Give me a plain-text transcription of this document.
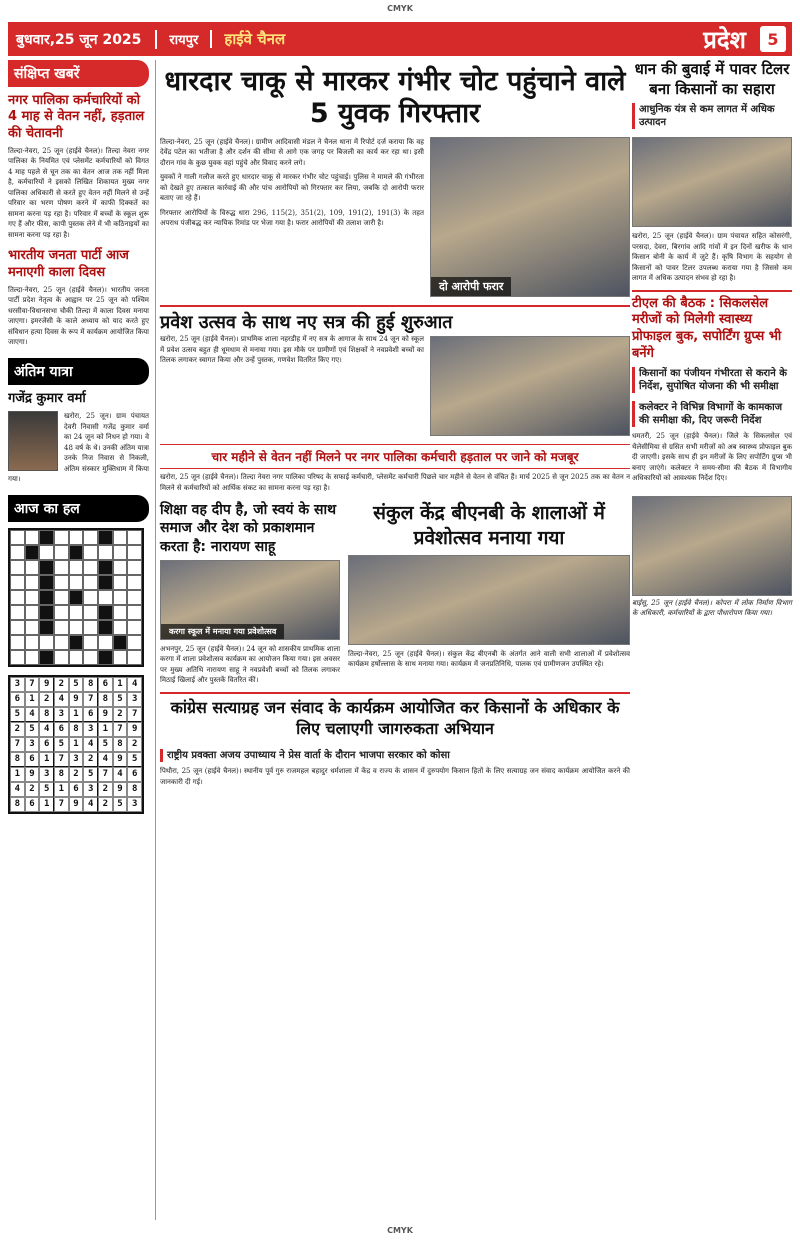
CMYK
बुधवार,25 जून 2025	रायपुर	हाईवे चैनल	प्रदेश	5
संक्षिप्त खबरें
नगर पालिका कर्मचारियों को 4 माह से वेतन नहीं, हड़ताल की चेतावनी

तिल्दा-नेवरा, 25 जून (हाईवे चैनल)। तिल्दा नेवरा नगर पालिका के नियमित एवं प्लेसमेंट कर्मचारियों को विगत 4 माह पहले से चून तक का वेतन आज तक नहीं मिला है, कर्मचारियों ने इसको लिखित शिकायत मुख्य नगर पालिका अधिकारी से करते हुए वेतन नहीं मिलने से उन्हें परिवार का भरण पोषण करने में काफी दिक्कतें का सामना करना पड़ रहा है। परिवार में बच्चों के स्कूल शुरू गए हैं और फीस, कापी पुस्तक लेने में भी कठिनाइयों का सामना करना पड़ रहा है।

भारतीय जनता पार्टी आज मनाएगी काला दिवस

तिल्दा-नेवरा, 25 जून (हाईवे चैनल)। भारतीय जनता पार्टी प्रदेश नेतृत्व के आह्वान पर 25 जून को पश्चिम धरसीवा-विधानसभा चौकी तिल्दा में काला दिवस मनाया जाएगा। इमरजेंसी के काले अध्याय को याद करते हुए संविधान हत्या दिवस के रूप में कार्यक्रम आयोजित किया जाएगा।

अंतिम यात्रा
गजेंद्र कुमार वर्मा

खरोरा, 25 जून। ग्राम पंचायत देवरी निवासी गजेंद्र कुमार वर्मा का 24 जून को निधन हो गया। वे 48 वर्ष के थे। उनकी अंतिम यात्रा उनके निज निवास से निकली, अंतिम संस्कार मुक्तिधाम में किया गया।

आज का हल
3	7	9	2	5	8	6	1	4
6	1	2	4	9	7	8	5	3
5	4	8	3	1	6	9	2	7
2	5	4	6	8	3	1	7	9
7	3	6	5	1	4	5	8	2
8	6	1	7	3	2	4	9	5
1	9	3	8	2	5	7	4	6
4	2	5	1	6	3	2	9	8
8	6	1	7	9	4	2	5	3
धारदार चाकू से मारकर गंभीर चोट पहुंचाने वाले 5 युवक गिरफ्तार
दो आरोपी फरार

तिल्दा-नेवरा, 25 जून (हाईवे चैनल)। ग्रामीण आदिवासी मंडल ने चैनल थाना में रिपोर्ट दर्ज कराया कि वह देवेंद्र पटेल का भतीजा है और दर्शन की सीमा से आगे एक जगह पर बिजली का कार्य कर रहा था। इसी दौरान गांव के कुछ युवक वहां पहुंचे और विवाद करने लगे।

युवकों ने गाली गलौज करते हुए धारदार चाकू से मारकर गंभीर चोट पहुंचाई। पुलिस ने मामले की गंभीरता को देखते हुए तत्काल कार्रवाई की और पांच आरोपियों को गिरफ्तार कर लिया, जबकि दो आरोपी फरार बताए जा रहे हैं।

गिरफ्तार आरोपियों के विरुद्ध धारा 296, 115(2), 351(2), 109, 191(2), 191(3) के तहत अपराध पंजीबद्ध कर न्यायिक रिमांड पर भेजा गया है। फरार आरोपियों की तलाश जारी है।

प्रवेश उत्सव के साथ नए सत्र की हुई शुरुआत

खरोरा, 25 जून (हाईवे चैनल)। प्राथमिक शाला नहरडीह में नए सत्र के आगाज के साथ 24 जून को स्कूल में प्रवेश उत्सव बहुत ही धूमधाम से मनाया गया। इस मौके पर ग्रामीणों एवं शिक्षकों ने नवप्रवेशी बच्चों का तिलक लगाकर स्वागत किया और उन्हें पुस्तक, गणवेश वितरित किए गए।

चार महीने से वेतन नहीं मिलने पर नगर पालिका कर्मचारी हड़ताल पर जाने को मजबूर

खरोरा, 25 जून (हाईवे चैनल)। तिल्दा नेवरा नगर पालिका परिषद के सफाई कर्मचारी, प्लेसमेंट कर्मचारी पिछले चार महीने से वेतन से वंचित हैं। मार्च 2025 से जून 2025 तक का वेतन न मिलने से कर्मचारियों को आर्थिक संकट का सामना करना पड़ रहा है।

शिक्षा वह दीप है, जो स्वयं के साथ समाज और देश को प्रकाशमान करता है: नारायण साहू
करगा स्कूल में मनाया गया प्रवेशोत्सव

अभनपुर, 25 जून (हाईवे चैनल)। 24 जून को शासकीय प्राथमिक शाला करगा में शाला प्रवेशोत्सव कार्यक्रम का आयोजन किया गया। इस अवसर पर मुख्य अतिथि नारायण साहू ने नवप्रवेशी बच्चों को तिलक लगाकर मिठाई खिलाई और पुस्तकें वितरित कीं।

संकुल केंद्र बीएनबी के शालाओं में प्रवेशोत्सव मनाया गया

तिल्दा-नेवरा, 25 जून (हाईवे चैनल)। संकुल केंद्र बीएनबी के अंतर्गत आने वाली सभी शालाओं में प्रवेशोत्सव कार्यक्रम हर्षोल्लास के साथ मनाया गया। कार्यक्रम में जनप्रतिनिधि, पालक एवं ग्रामीणजन उपस्थित रहे।

कांग्रेस सत्याग्रह जन संवाद के कार्यक्रम आयोजित कर किसानों के अधिकार के लिए चलाएगी जागरुकता अभियान
राष्ट्रीय प्रवक्ता अजय उपाध्याय ने प्रेस वार्ता के दौरान भाजपा सरकार को कोसा

पिथौरा, 25 जून (हाईवे चैनल)। स्थानीय पूर्व गुरु राजमहल बहादुर धर्मशाला में केंद्र व राज्य के शासन में दुरुपयोग किसान हितों के लिए सत्याग्रह जन संवाद कार्यक्रम आयोजित करने की जानकारी दी गई।

धान की बुवाई में पावर टिलर बना किसानों का सहारा
आधुनिक यंत्र से कम लागत में अधिक उत्पादन

खरोरा, 25 जून (हाईवे चैनल)। ग्राम पंचायत सहित कोसरंगी, परसदा, देवरा, बिरगांव आदि गांवों में इन दिनों खरीफ के धान किसान बोनी के कार्य में जुटे हैं। कृषि विभाग के सहयोग से किसानों को पावर टिलर उपलब्ध कराया गया है जिससे कम लागत में अधिक उत्पादन संभव हो रहा है।

टीएल की बैठक : सिकलसेल मरीजों को मिलेगी स्वास्थ्य प्रोफाइल बुक, सपोर्टिंग ग्रुप्स भी बनेंगे
किसानों का पंजीयन गंभीरता से कराने के निर्देश, सुपोषित योजना की भी समीक्षा कलेक्टर ने विभिन्न विभागों के कामकाज की समीक्षा की, दिए जरूरी निर्देश

धमतरी, 25 जून (हाईवे चैनल)। जिले के सिकलसेल एवं थैलेसीमिया से ग्रसित सभी मरीजों को अब स्वास्थ्य प्रोफाइल बुक दी जाएगी। इसके साथ ही इन मरीजों के लिए सपोर्टिंग ग्रुप्स भी बनाए जाएंगे। कलेक्टर ने समय-सीमा की बैठक में विभागीय अधिकारियों को आवश्यक निर्देश दिए।

बाईसू, 25 जून (हाईवे चैनल)। कोपरा में लोक निर्माण विभाग के अधिकारी, कर्मचारियों के द्वारा पौधारोपण किया गया।

CMYK
